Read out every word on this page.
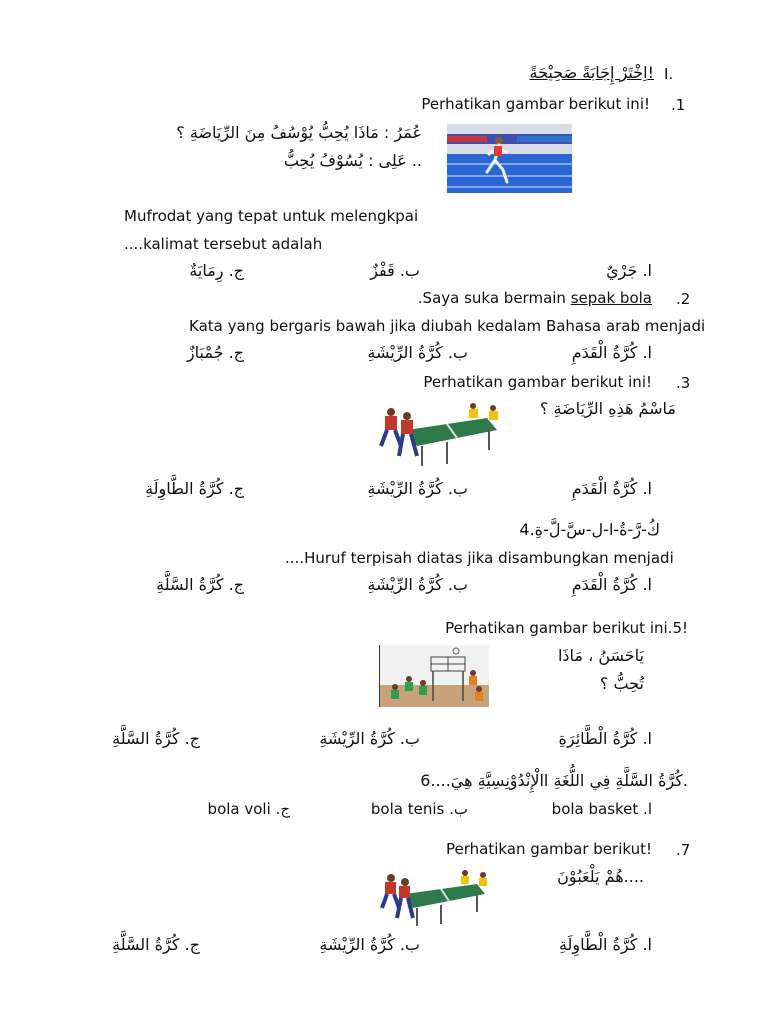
I.
اِخْتَرْ إِجَابَةً صَحِيْحَةً!
.1
Perhatikan gambar berikut ini!
عُمَرُ : مَاذَا يُحِبُّ يُوْسُفُ مِنَ الرِّيَاضَةِ ؟
عَلِى : يُسُوْفُ يُحِبُّ ..
Mufrodat yang tepat untuk melengkpai
....kalimat tersebut adalah
ا. جَرْيٌ
ب. قَفْزٌ
ج. رِمَايَةٌ
.2
.Saya suka bermain sepak bola
Kata yang bergaris bawah jika diubah kedalam Bahasa arab menjadi
ا. كُرَّةُ الْقَدَمِ
ب. كُرَّةُ الرِّيْشَةِ
ج. جُمْبَازٌ
.3
Perhatikan gambar berikut ini!
مَاسْمُ هَذِهِ الرِّيَاضَةِ ؟
ا. كُرَّةُ الْقَدَمِ
ب. كُرَّةُ الرِّيْشَةِ
ج. كُرَّةُ الطَّاوِلَةِ
كُ-رَّ-ةُ-ا-ل-سَّ-لَّ-ةِ.4
....Huruf terpisah diatas jika disambungkan menjadi
ا. كُرَّةُ الْقَدَمِ
ب. كُرَّةُ الرِّيْشَةِ
ج. كُرَّةُ السَّلَّةِ
Perhatikan gambar berikut ini.5!
يَاحَسَنُ ، مَاذَا
تُحِبُّ ؟
ا. كُرَّةُ الْطَّائِرَةِ
ب. كُرَّةُ الرِّيْشَةِ
ج. كُرَّةُ السَّلَّةِ
كُرَّةُ السَّلَّةِ فِي اللُّغَةِ االْإِنْدُوْنِسِيَّةِ هِيَ....6.
bola basket .ا
bola tenis .ب
bola voli .ج
.7
Perhatikan gambar berikut!
هُمْ يَلْعَبُوْنَ....
ا. كُرَّةُ الْطَّاوِلَةِ
ب. كُرَّةُ الرِّيْشَةِ
ج. كُرَّةُ السَّلَّةِ
